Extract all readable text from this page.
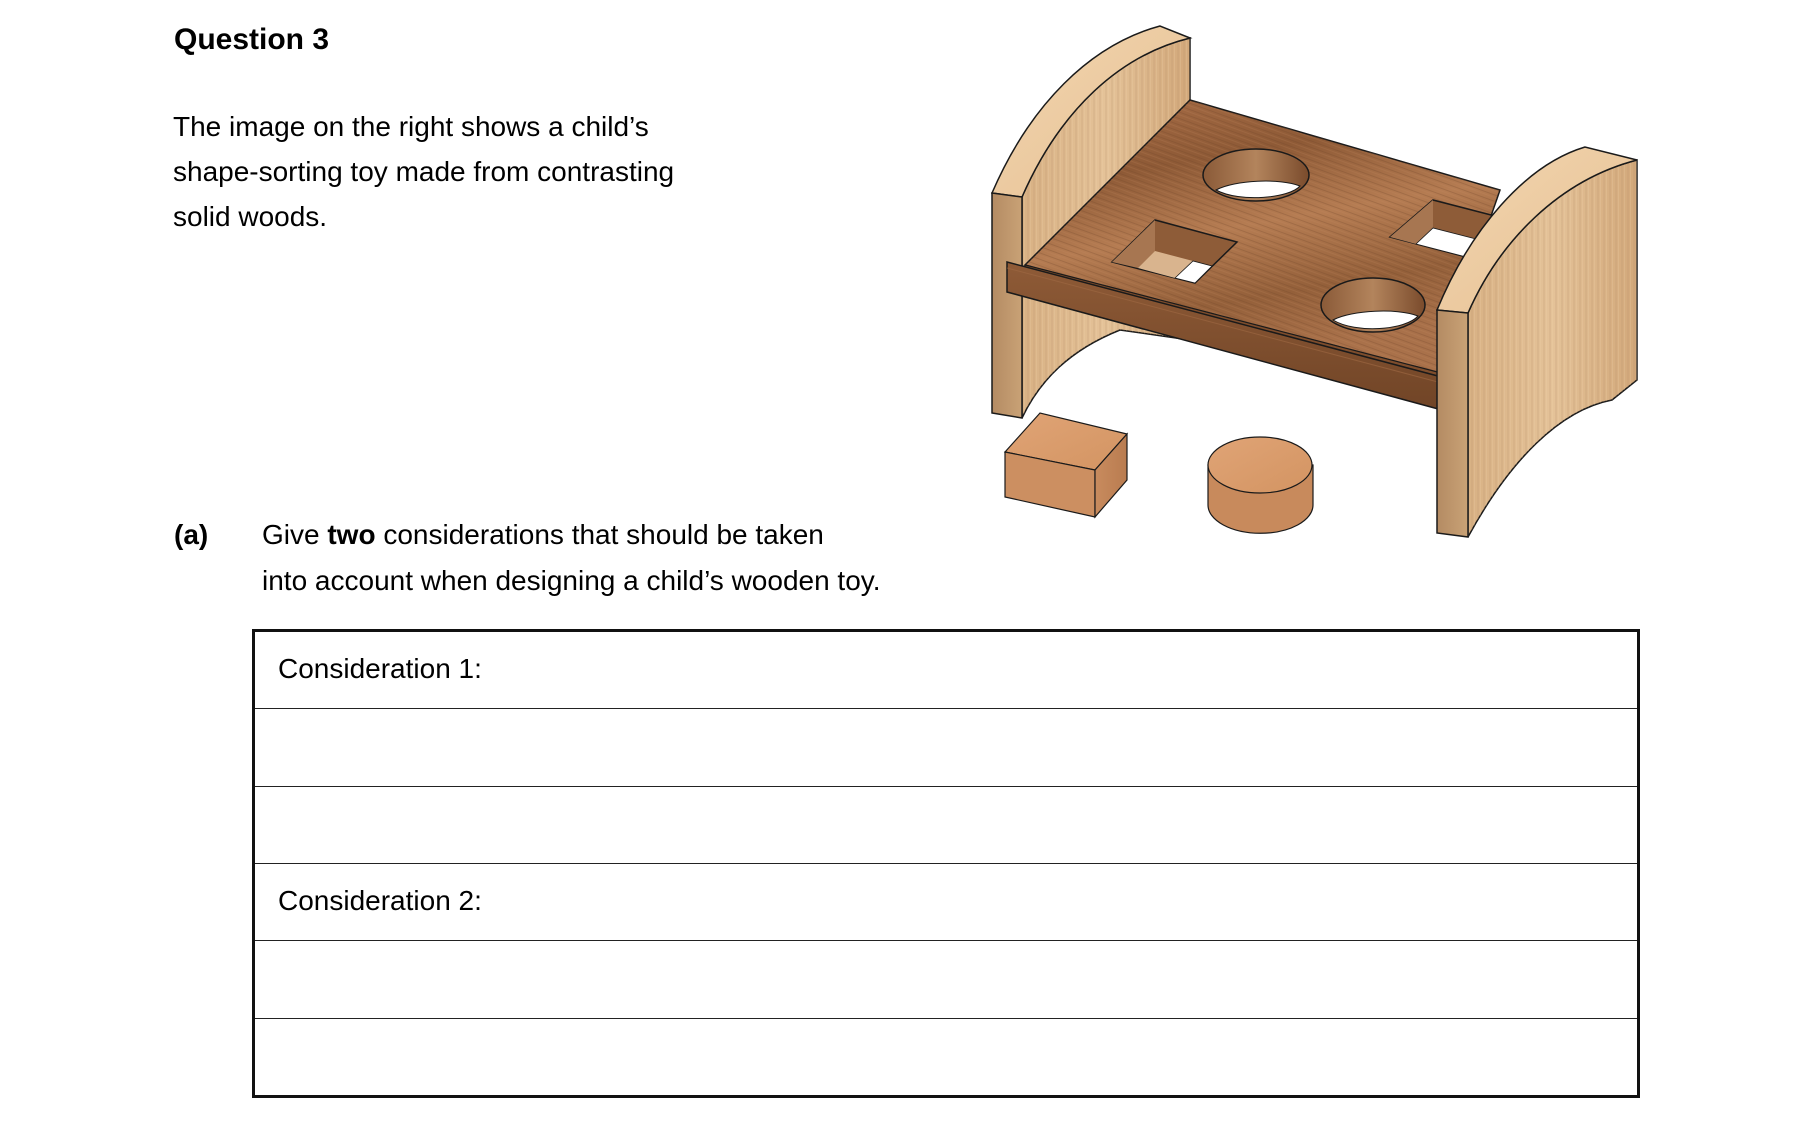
Question 3
The image on the right shows a child’s
shape-sorting toy made from contrasting
solid woods.
(a) Give two considerations that should be taken
into account when designing a child’s wooden toy.
Consideration 1:
Consideration 2:
